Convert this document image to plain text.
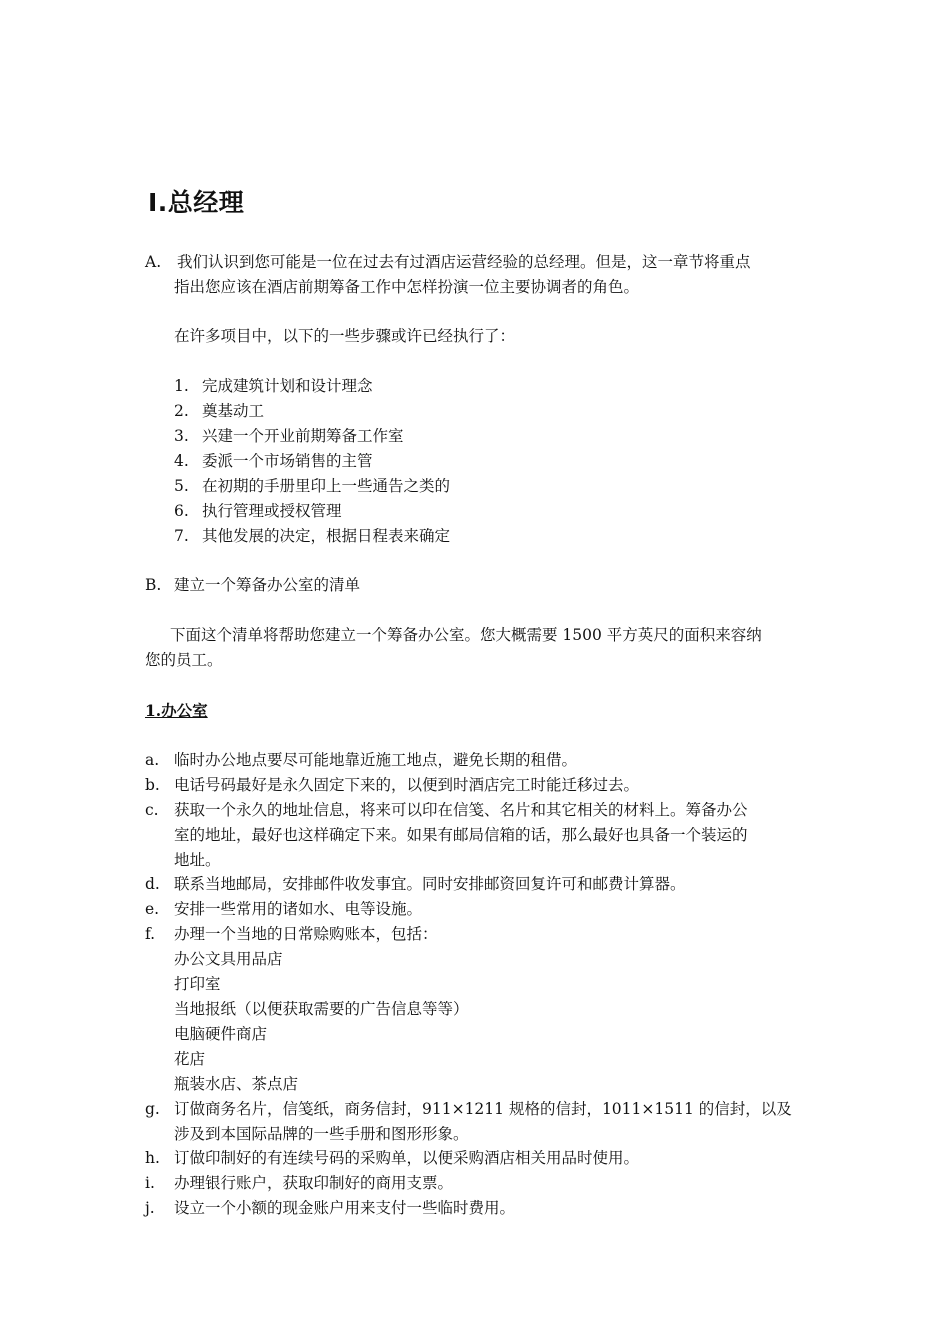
Ⅰ.总经理
A. 我们认识到您可能是一位在过去有过酒店运营经验的总经理。但是，这一章节将重点
指出您应该在酒店前期筹备工作中怎样扮演一位主要协调者的角色。
在许多项目中，以下的一些步骤或许已经执行了：
1. 完成建筑计划和设计理念
2. 奠基动工
3. 兴建一个开业前期筹备工作室
4. 委派一个市场销售的主管
5. 在初期的手册里印上一些通告之类的
6. 执行管理或授权管理
7. 其他发展的决定，根据日程表来确定
B. 建立一个筹备办公室的清单
下面这个清单将帮助您建立一个筹备办公室。您大概需要 1500 平方英尺的面积来容纳
您的员工。
1.办公室
a. 临时办公地点要尽可能地靠近施工地点，避免长期的租借。
b. 电话号码最好是永久固定下来的，以便到时酒店完工时能迁移过去。
c. 获取一个永久的地址信息，将来可以印在信笺、名片和其它相关的材料上。筹备办公
室的地址，最好也这样确定下来。如果有邮局信箱的话，那么最好也具备一个装运的
地址。
d. 联系当地邮局，安排邮件收发事宜。同时安排邮资回复许可和邮费计算器。
e. 安排一些常用的诸如水、电等设施。
f. 办理一个当地的日常赊购账本，包括：
办公文具用品店
打印室
当地报纸（以便获取需要的广告信息等等）
电脑硬件商店
花店
瓶装水店、茶点店
g. 订做商务名片，信笺纸，商务信封，911×1211 规格的信封，1011×1511 的信封，以及
涉及到本国际品牌的一些手册和图形形象。
h. 订做印制好的有连续号码的采购单，以便采购酒店相关用品时使用。
i. 办理银行账户，获取印制好的商用支票。
j. 设立一个小额的现金账户用来支付一些临时费用。
